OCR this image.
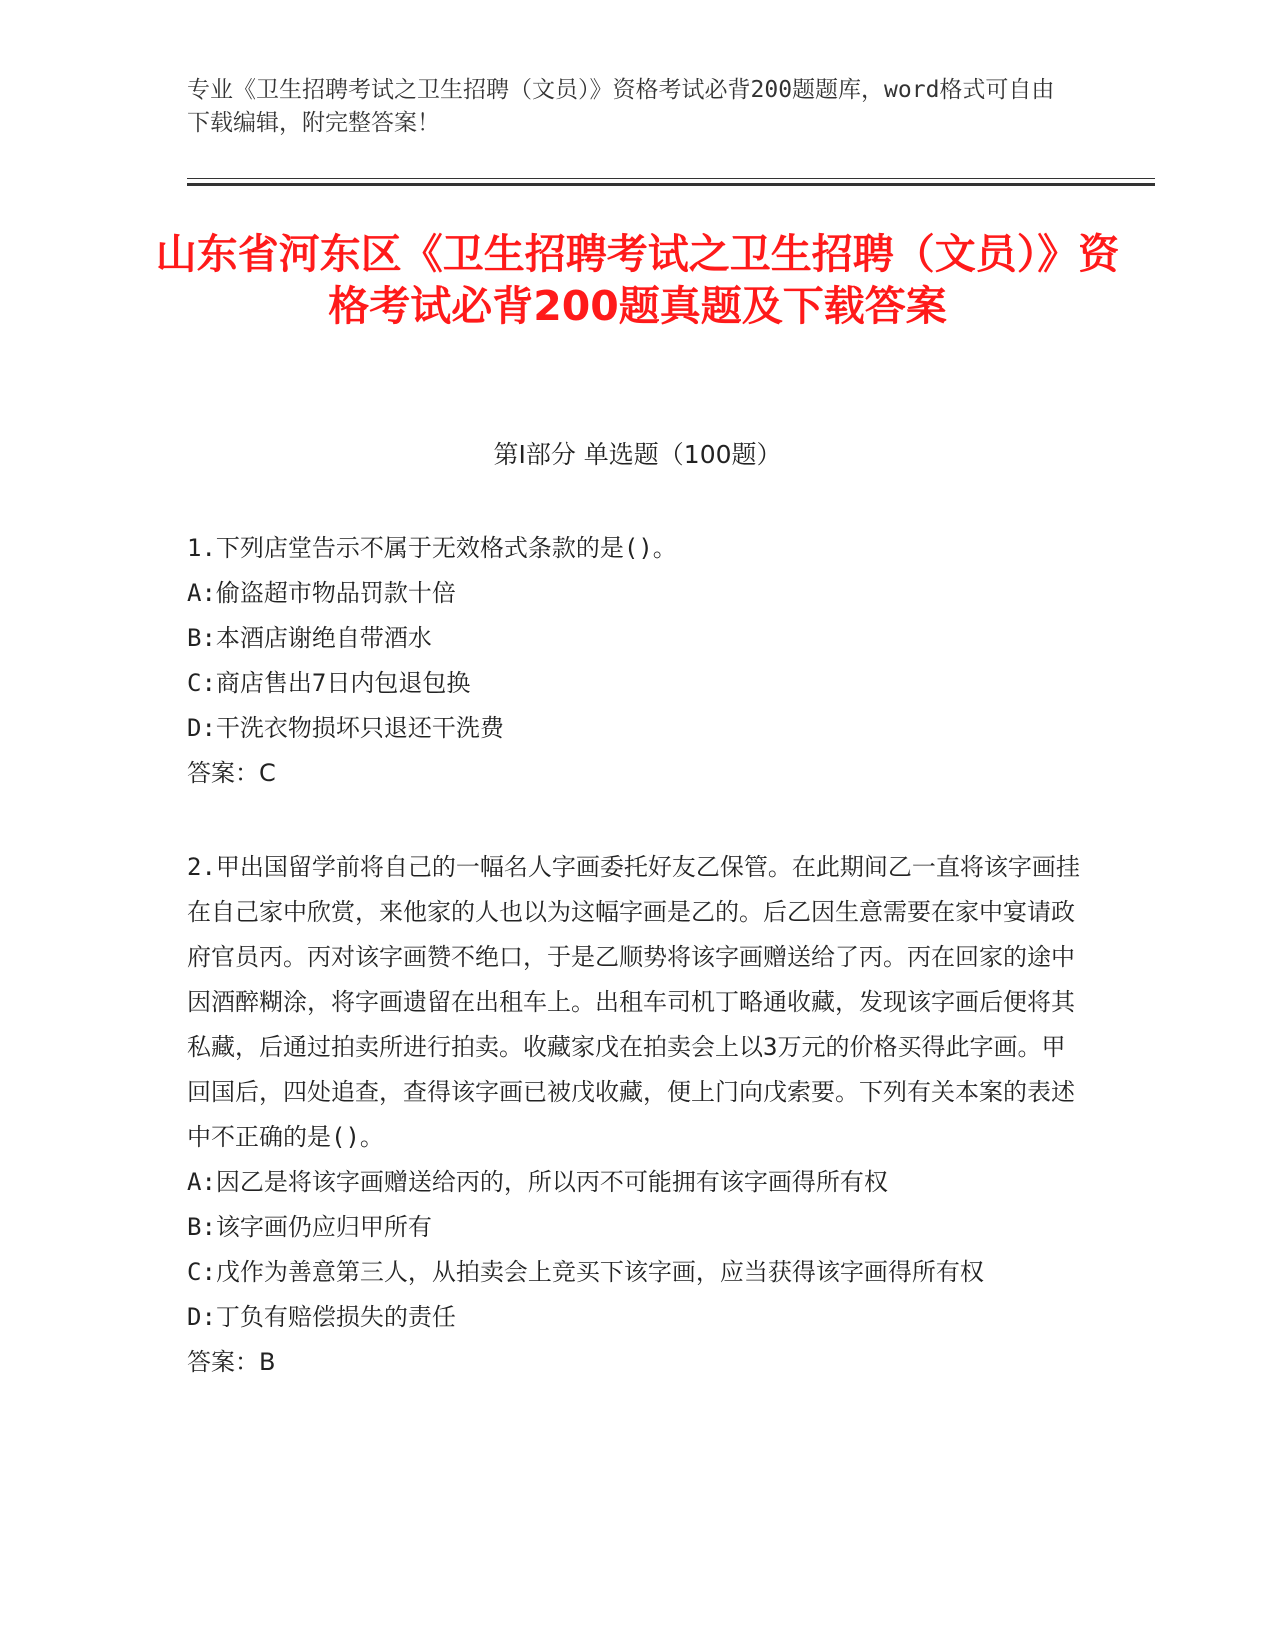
专业《卫生招聘考试之卫生招聘（文员）》资格考试必背200题题库，word格式可自由下载编辑，附完整答案！
山东省河东区《卫生招聘考试之卫生招聘（文员）》资格考试必背200题真题及下载答案
第Ⅰ部分 单选题（100题）

1.下列店堂告示不属于无效格式条款的是()。

A:偷盗超市物品罚款十倍

B:本酒店谢绝自带酒水

C:商店售出7日内包退包换

D:干洗衣物损坏只退还干洗费

答案：C

2.甲出国留学前将自己的一幅名人字画委托好友乙保管。在此期间乙一直将该字画挂在自己家中欣赏，来他家的人也以为这幅字画是乙的。后乙因生意需要在家中宴请政府官员丙。丙对该字画赞不绝口，于是乙顺势将该字画赠送给了丙。丙在回家的途中因酒醉糊涂，将字画遗留在出租车上。出租车司机丁略通收藏，发现该字画后便将其私藏，后通过拍卖所进行拍卖。收藏家戊在拍卖会上以3万元的价格买得此字画。甲回国后，四处追查，查得该字画已被戊收藏，便上门向戊索要。下列有关本案的表述中不正确的是()。

A:因乙是将该字画赠送给丙的，所以丙不可能拥有该字画得所有权

B:该字画仍应归甲所有

C:戊作为善意第三人，从拍卖会上竞买下该字画，应当获得该字画得所有权

D:丁负有赔偿损失的责任

答案：B
